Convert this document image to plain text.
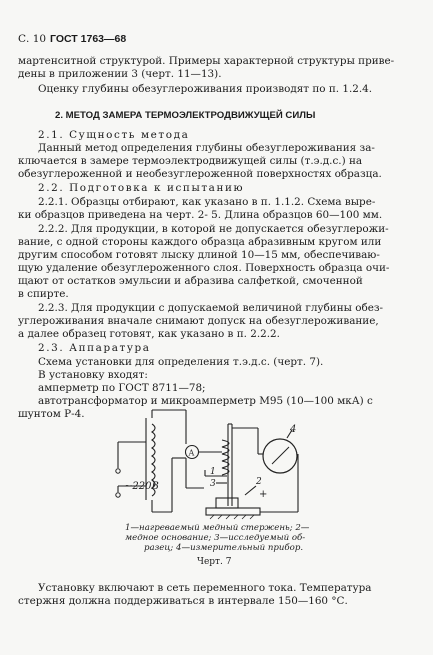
С. 10 ГОСТ 1763—68
мартенситной структурой. Примеры характерной структуры приве-
дены в приложении 3 (черт. 11—13).
Оценку глубины обезуглероживания производят по п. 1.2.4.
2. МЕТОД ЗАМЕРА ТЕРМОЭЛЕКТРОДВИЖУЩЕЙ СИЛЫ
2.1. Сущность метода
Данный метод определения глубины обезуглероживания за-
ключается в замере термоэлектродвижущей силы (т.э.д.с.) на
обезуглероженной и необезуглероженной поверхностях образца.
2.2. Подготовка к испытанию
2.2.1. Образцы отбирают, как указано в п. 1.1.2. Схема выре-
ки образцов приведена на черт. 2- 5. Длина образцов 60—100 мм.
2.2.2. Для продукции, в которой не допускается обезуглерожи-
вание, с одной стороны каждого образца абразивным кругом или
другим способом готовят лыску длиной 10—15 мм, обеспечиваю-
щую удаление обезуглероженного слоя. Поверхность образца очи-
щают от остатков эмульсии и абразива салфеткой, смоченной
в спирте.
2.2.3. Для продукции с допускаемой величиной глубины обез-
углероживания вначале снимают допуск на обезуглероживание,
а далее образец готовят, как указано в п. 2.2.2.
2.3. Аппаратура
Схема установки для определения т.э.д.с. (черт. 7).
В установку входят:
амперметр по ГОСТ 8711—78;
автотрансформатор и микроамперметр М95 (10—100 мкА) с
шунтом Р-4.
~220В
A
1
3	2
4
+
1—нагреваемый медный стержень; 2—
медное основание; 3—исследуемый об-
разец; 4—измерительный прибор.
Черт. 7
Установку включают в сеть переменного тока. Температура
стержня должна поддерживаться в интервале 150—160 °С.
